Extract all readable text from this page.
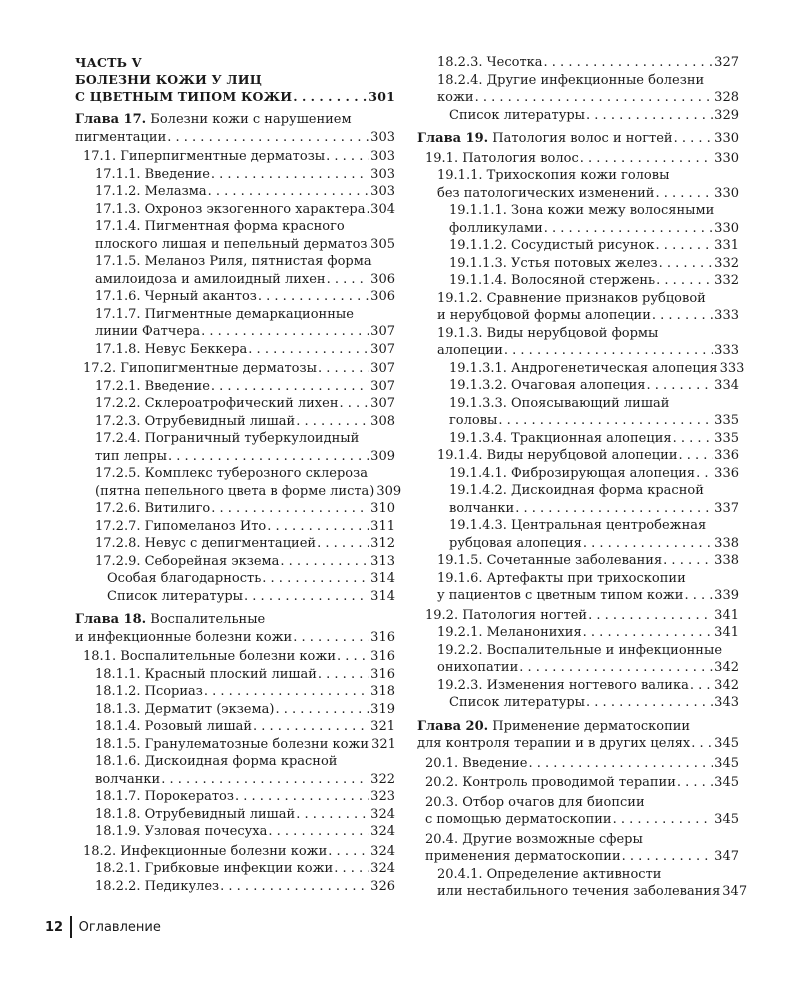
ЧАСТЬ V
БОЛЕЗНИ КОЖИ У ЛИЦ
С ЦВЕТНЫМ ТИПОМ КОЖИ . . .	301
Глава 17. Болезни кожи с нарушением
пигментации . . .	303
17.1. Гиперпигментные дерматозы . . .	303
17.1.1. Введение . . .	303
17.1.2. Мелазма . . .	303
17.1.3. Охроноз экзогенного характера . . . 304
17.1.4. Пигментная форма красного
плоского лишая и пепельный дерматоз . . . 305
17.1.5. Меланоз Риля, пятнистая форма
амилоидоза и амилоидный лихен . . .	306
17.1.6. Черный акантоз . . .	306
17.1.7. Пигментные демаркационные
линии Фатчера . . .	307
17.1.8. Невус Беккера . . .	307
17.2. Гипопигментные дерматозы . . .	307
17.2.1. Введение . . .	307
17.2.2. Склероатрофический лихен . . . 307
17.2.3. Отрубевидный лишай . . .	308
17.2.4. Пограничный туберкулоидный
тип лепры . . .	309
17.2.5. Комплекс туберозного склероза
(пятна пепельного цвета в форме листа) 309
17.2.6. Витилиго . . .	310
17.2.7. Гипомеланоз Ито . . .	311
17.2.8. Невус с депигментацией . . .	312
17.2.9. Себорейная экзема . . .	313
Особая благодарность . . .	314
Список литературы . . .	314
Глава 18. Воспалительные
и инфекционные болезни кожи . . .	316
18.1. Воспалительные болезни кожи . . .	316
18.1.1. Красный плоский лишай . . .	316
18.1.2. Псориаз . . .	318
18.1.3. Дерматит (экзема) . . .	319
18.1.4. Розовый лишай . . .	321
18.1.5. Гранулематозные болезни кожи 321
18.1.6. Дискоидная форма красной
волчанки . . .	322
18.1.7. Порокератоз . . .	323
18.1.8. Отрубевидный лишай . . .	324
18.1.9. Узловая почесуха . . .	324
18.2. Инфекционные болезни кожи . . .	324
18.2.1. Грибковые инфекции кожи . . .	324
18.2.2. Педикулез . . .	326
18.2.3. Чесотка . . .	327
18.2.4. Другие инфекционные болезни
кожи . . .	328
Список литературы . . .	329
Глава 19. Патология волос и ногтей . . .	330
19.1. Патология волос . . .	330
19.1.1. Трихоскопия кожи головы
без патологических изменений . . .	330
19.1.1.1. Зона кожи межу волосяными
фолликулами . . .	330
19.1.1.2. Сосудистый рисунок . . .	331
19.1.1.3. Устья потовых желез . . .	332
19.1.1.4. Волосяной стержень . . .	332
19.1.2. Сравнение признаков рубцовой
и нерубцовой формы алопеции . . .	333
19.1.3. Виды нерубцовой формы
алопеции . . .	333
19.1.3.1. Андрогенетическая алопеция 333
19.1.3.2. Очаговая алопеция . . .	334
19.1.3.3. Опоясывающий лишай
головы . . .	335
19.1.3.4. Тракционная алопеция . . .	335
19.1.4. Виды нерубцовой алопеции . . .	336
19.1.4.1. Фиброзирующая алопеция . . . 336
19.1.4.2. Дискоидная форма красной
волчанки . . .	337
19.1.4.3. Центральная центробежная
рубцовая алопеция . . .	338
19.1.5. Сочетанные заболевания . . .	338
19.1.6. Артефакты при трихоскопии
у пациентов с цветным типом кожи . . . 339
19.2. Патология ногтей . . .	341
19.2.1. Меланонихия . . .	341
19.2.2. Воспалительные и инфекционные
онихопатии . . .	342
19.2.3. Изменения ногтевого валика . . . 342
Список литературы . . .	343
Глава 20. Применение дерматоскопии
для контроля терапии и в других целях . . . 345
20.1. Введение . . .	345
20.2. Контроль проводимой терапии . . .	345
20.3. Отбор очагов для биопсии
с помощью дерматоскопии . . .	345
20.4. Другие возможные сферы
применения дерматоскопии . . .	347
20.4.1. Определение активности
или нестабильного течения заболевания 347
12 Оглавление
